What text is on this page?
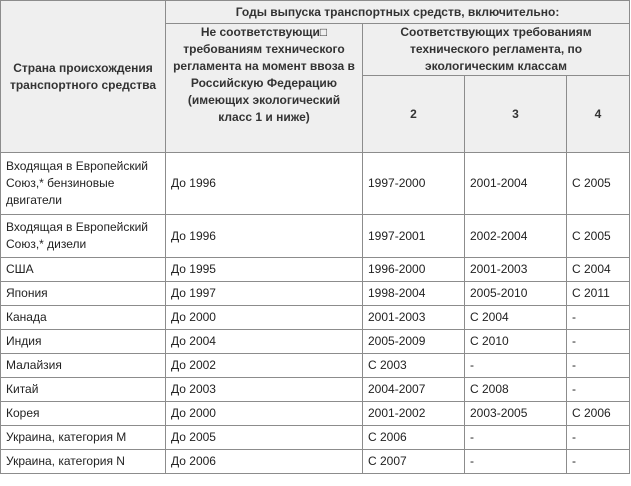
Страна происхождения транспортного средства	Годы выпуска транспортных средств, включительно:			
	Не соответствующи□ требованиям технического регламента на момент ввоза в Российскую Федерацию (имеющих экологический класс 1 и ниже)	Соответствующих требованиям технического регламента, по экологическим классам		
		2	3	4
Входящая в Европейский Союз,* бензиновые двигатели	До 1996	1997-2000	2001-2004	С 2005
Входящая в Европейский Союз,* дизели	До 1996	1997-2001	2002-2004	С 2005
США	До 1995	1996-2000	2001-2003	С 2004
Япония	До 1997	1998-2004	2005-2010	С 2011
Канада	До 2000	2001-2003	С 2004	-
Индия	До 2004	2005-2009	С 2010	-
Малайзия	До 2002	С 2003	-	-
Китай	До 2003	2004-2007	С 2008	-
Корея	До 2000	2001-2002	2003-2005	С 2006
Украина, категория M	До 2005	С 2006	-	-
Украина, категория N	До 2006	С 2007	-	-
